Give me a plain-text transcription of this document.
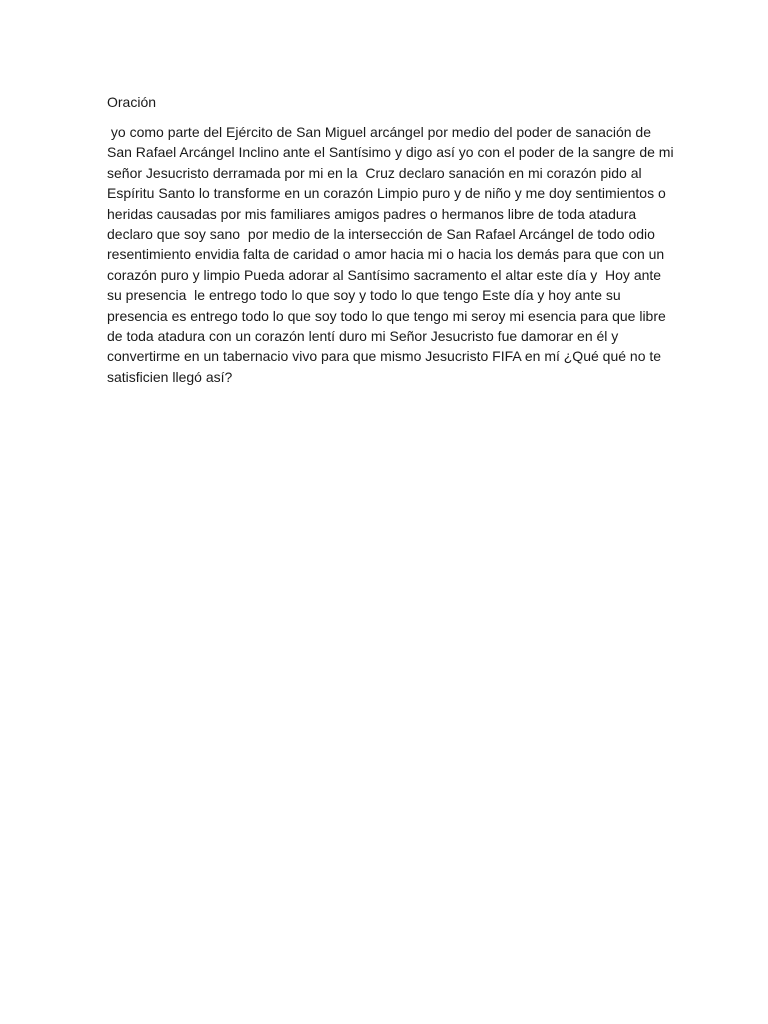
Oración
yo como parte del Ejército de San Miguel arcángel por medio del poder de sanación de
San Rafael Arcángel Inclino ante el Santísimo y digo así yo con el poder de la sangre de mi
señor Jesucristo derramada por mi en la  Cruz declaro sanación en mi corazón pido al
Espíritu Santo lo transforme en un corazón Limpio puro y de niño y me doy sentimientos o
heridas causadas por mis familiares amigos padres o hermanos libre de toda atadura
declaro que soy sano  por medio de la intersección de San Rafael Arcángel de todo odio
resentimiento envidia falta de caridad o amor hacia mi o hacia los demás para que con un
corazón puro y limpio Pueda adorar al Santísimo sacramento el altar este día y  Hoy ante
su presencia  le entrego todo lo que soy y todo lo que tengo Este día y hoy ante su
presencia es entrego todo lo que soy todo lo que tengo mi seroy mi esencia para que libre
de toda atadura con un corazón lentí duro mi Señor Jesucristo fue damorar en él y
convertirme en un tabernacio vivo para que mismo Jesucristo FIFA en mí ¿Qué qué no te
satisficien llegó así?
